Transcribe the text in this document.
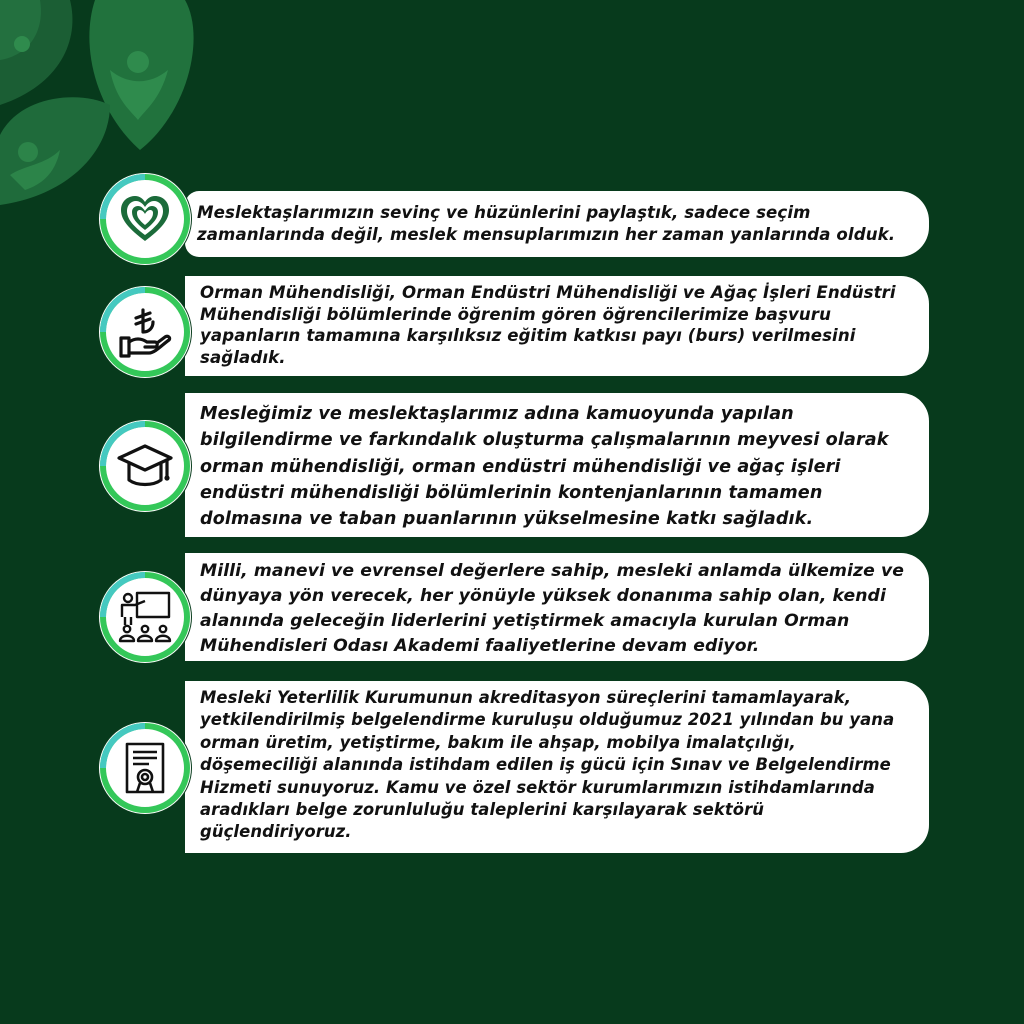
Meslektaşlarımızın sevinç ve hüzünlerini paylaştık, sadece seçim zamanlarında değil, meslek mensuplarımızın her zaman yanlarında olduk.
Orman Mühendisliği, Orman Endüstri Mühendisliği ve Ağaç İşleri Endüstri Mühendisliği bölümlerinde öğrenim gören öğrencilerimize başvuru yapanların tamamına karşılıksız eğitim katkısı payı (burs) verilmesini sağladık.
Mesleğimiz ve meslektaşlarımız adına kamuoyunda yapılan bilgilendirme ve farkındalık oluşturma çalışmalarının meyvesi olarak orman mühendisliği, orman endüstri mühendisliği ve ağaç işleri endüstri mühendisliği bölümlerinin kontenjanlarının tamamen dolmasına ve taban puanlarının yükselmesine katkı sağladık.
Milli, manevi ve evrensel değerlere sahip, mesleki anlamda ülkemize ve dünyaya yön verecek, her yönüyle yüksek donanıma sahip olan, kendi alanında geleceğin liderlerini yetiştirmek amacıyla kurulan Orman Mühendisleri Odası Akademi faaliyetlerine devam ediyor.
Mesleki Yeterlilik Kurumunun akreditasyon süreçlerini tamamlayarak, yetkilendirilmiş belgelendirme kuruluşu olduğumuz 2021 yılından bu yana orman üretim, yetiştirme, bakım ile ahşap, mobilya imalatçılığı, döşemeciliği alanında istihdam edilen iş gücü için Sınav ve Belgelendirme Hizmeti sunuyoruz. Kamu ve özel sektör kurumlarımızın istihdamlarında aradıkları belge zorunluluğu taleplerini karşılayarak sektörü güçlendiriyoruz.
